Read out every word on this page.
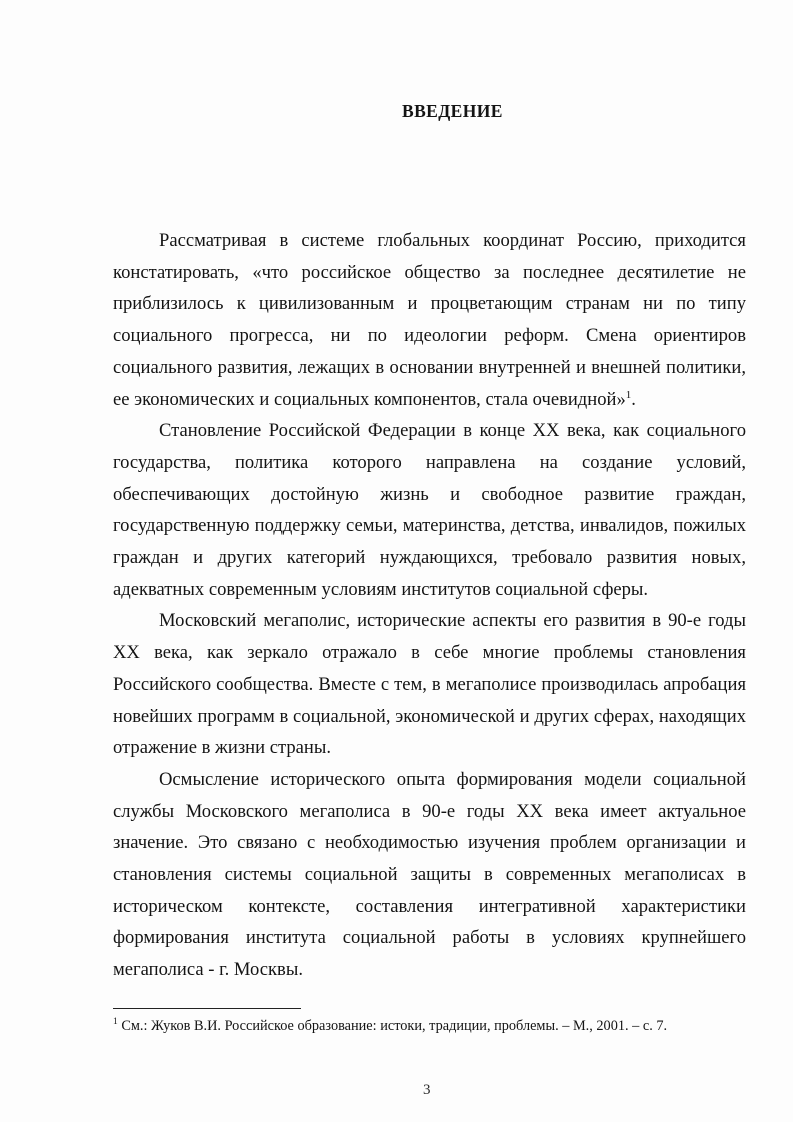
ВВЕДЕНИЕ

Рассматривая в системе глобальных координат Россию, приходится констатировать, «что российское общество за последнее десятилетие не приблизилось к цивилизованным и процветающим странам ни по типу социального прогресса, ни по идеологии реформ. Смена ориентиров социального развития, лежащих в основании внутренней и внешней политики, ее экономических и социальных компонентов, стала очевидной»$^1$.

Становление Российской Федерации в конце XX века, как социального государства, политика которого направлена на создание условий, обеспечивающих достойную жизнь и свободное развитие граждан, государственную поддержку семьи, материнства, детства, инвалидов, пожилых граждан и других категорий нуждающихся, требовало развития новых, адекватных современным условиям институтов социальной сферы.

Московский мегаполис, исторические аспекты его развития в 90-е годы XX века, как зеркало отражало в себе многие проблемы становления Российского сообщества. Вместе с тем, в мегаполисе производилась апробация новейших программ в социальной, экономической и других сферах, находящих отражение в жизни страны.

Осмысление исторического опыта формирования модели социальной службы Московского мегаполиса в 90-е годы XX века имеет актуальное значение. Это связано с необходимостью изучения проблем организации и становления системы социальной защиты в современных мегаполисах в историческом контексте, составления интегративной характеристики формирования института социальной работы в условиях крупнейшего мегаполиса - г. Москвы.

$^1$ См.: Жуков В.И. Российское образование: истоки, традиции, проблемы. – М., 2001. – с. 7.
3
